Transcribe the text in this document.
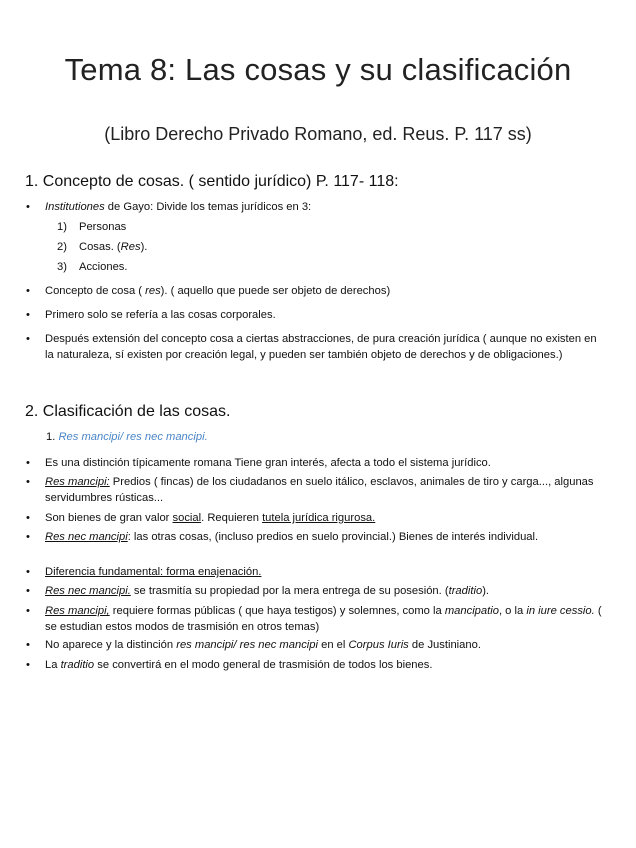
Tema 8: Las cosas y su clasificación
(Libro Derecho Privado Romano, ed. Reus. P. 117 ss)
1. Concepto de cosas. ( sentido jurídico) P. 117- 118:
• Institutiones de Gayo: Divide los temas jurídicos en 3:
1) Personas
2) Cosas. (Res).
3) Acciones.
• Concepto de cosa ( res). ( aquello que puede ser objeto de derechos)
• Primero solo se refería a las cosas corporales.
• Después extensión del concepto cosa a ciertas abstracciones, de pura creación jurídica ( aunque no existen en la naturaleza, sí existen por creación legal, y pueden ser también objeto de derechos y de obligaciones.)
2. Clasificación de las cosas.
1. Res mancipi/ res nec mancipi.
• Es una distinción típicamente romana Tiene gran interés, afecta a todo el sistema jurídico.
• Res mancipi: Predios ( fincas) de los ciudadanos en suelo itálico, esclavos, animales de tiro y carga..., algunas servidumbres rústicas...
• Son bienes de gran valor social. Requieren tutela jurídica rigurosa.
• Res nec mancipi: las otras cosas, (incluso predios en suelo provincial.) Bienes de interés individual.
• Diferencia fundamental: forma enajenación.
• Res nec mancipi. se trasmitía su propiedad por la mera entrega de su posesión. (traditio).
• Res mancipi, requiere formas públicas ( que haya testigos) y solemnes, como la mancipatio, o la in iure cessio. ( se estudian estos modos de trasmisión en otros temas)
• No aparece y la distinción res mancipi/ res nec mancipi en el Corpus Iuris de Justiniano.
• La traditio se convertirá en el modo general de trasmisión de todos los bienes.
